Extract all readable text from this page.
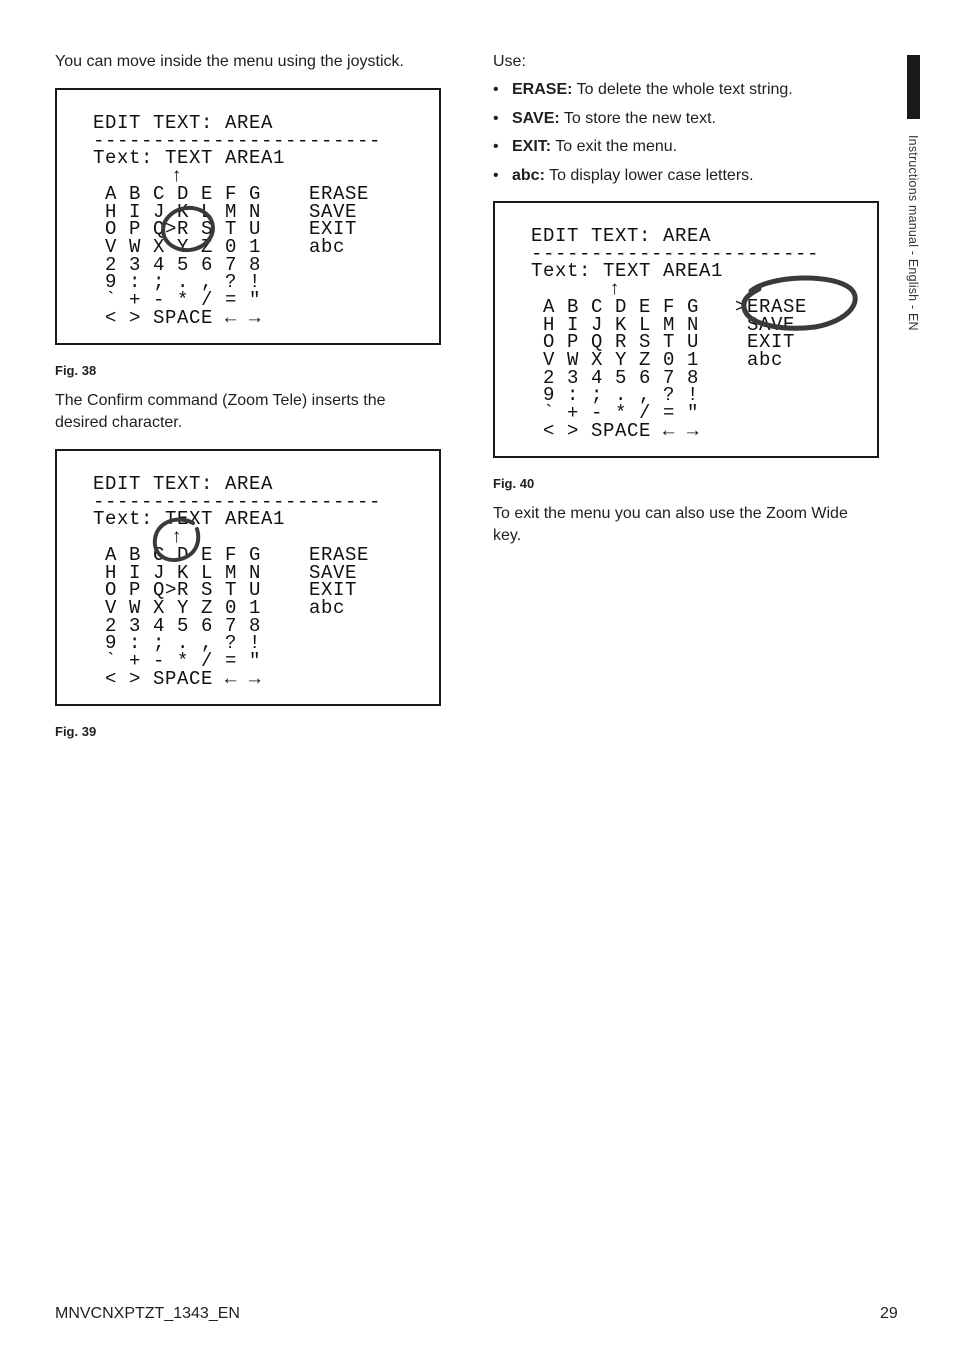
You can move inside the menu using the joystick.
EDIT TEXT: AREA
------------------------
Text: TEXT AREA1
↑
A B C D E F G    ERASE
H I J K L M N    SAVE
O P Q>R S T U    EXIT
V W X Y Z 0 1    abc
2 3 4 5 6 7 8
9 : ; . , ? !
` + - * / = "
< > SPACE ← →
Fig. 38
The Confirm command (Zoom Tele) inserts the desired character.
EDIT TEXT: AREA
------------------------
Text: TEXT AREA1
↑
A B C D E F G    ERASE
H I J K L M N    SAVE
O P Q>R S T U    EXIT
V W X Y Z 0 1    abc
2 3 4 5 6 7 8
9 : ; . , ? !
` + - * / = "
< > SPACE ← →
Fig. 39
Use:
• ERASE: To delete the whole text string.
• SAVE: To store the new text.
• EXIT: To exit the menu.
• abc: To display lower case letters.
EDIT TEXT: AREA
------------------------
Text: TEXT AREA1
↑
A B C D E F G   >ERASE
H I J K L M N    SAVE
O P Q R S T U    EXIT
V W X Y Z 0 1    abc
2 3 4 5 6 7 8
9 : ; . , ? !
` + - * / = "
< > SPACE ← →
Fig. 40
To exit the menu you can also use the Zoom Wide key.
Instructions manual - English - EN
MNVCNXPTZT_1343_EN	29
